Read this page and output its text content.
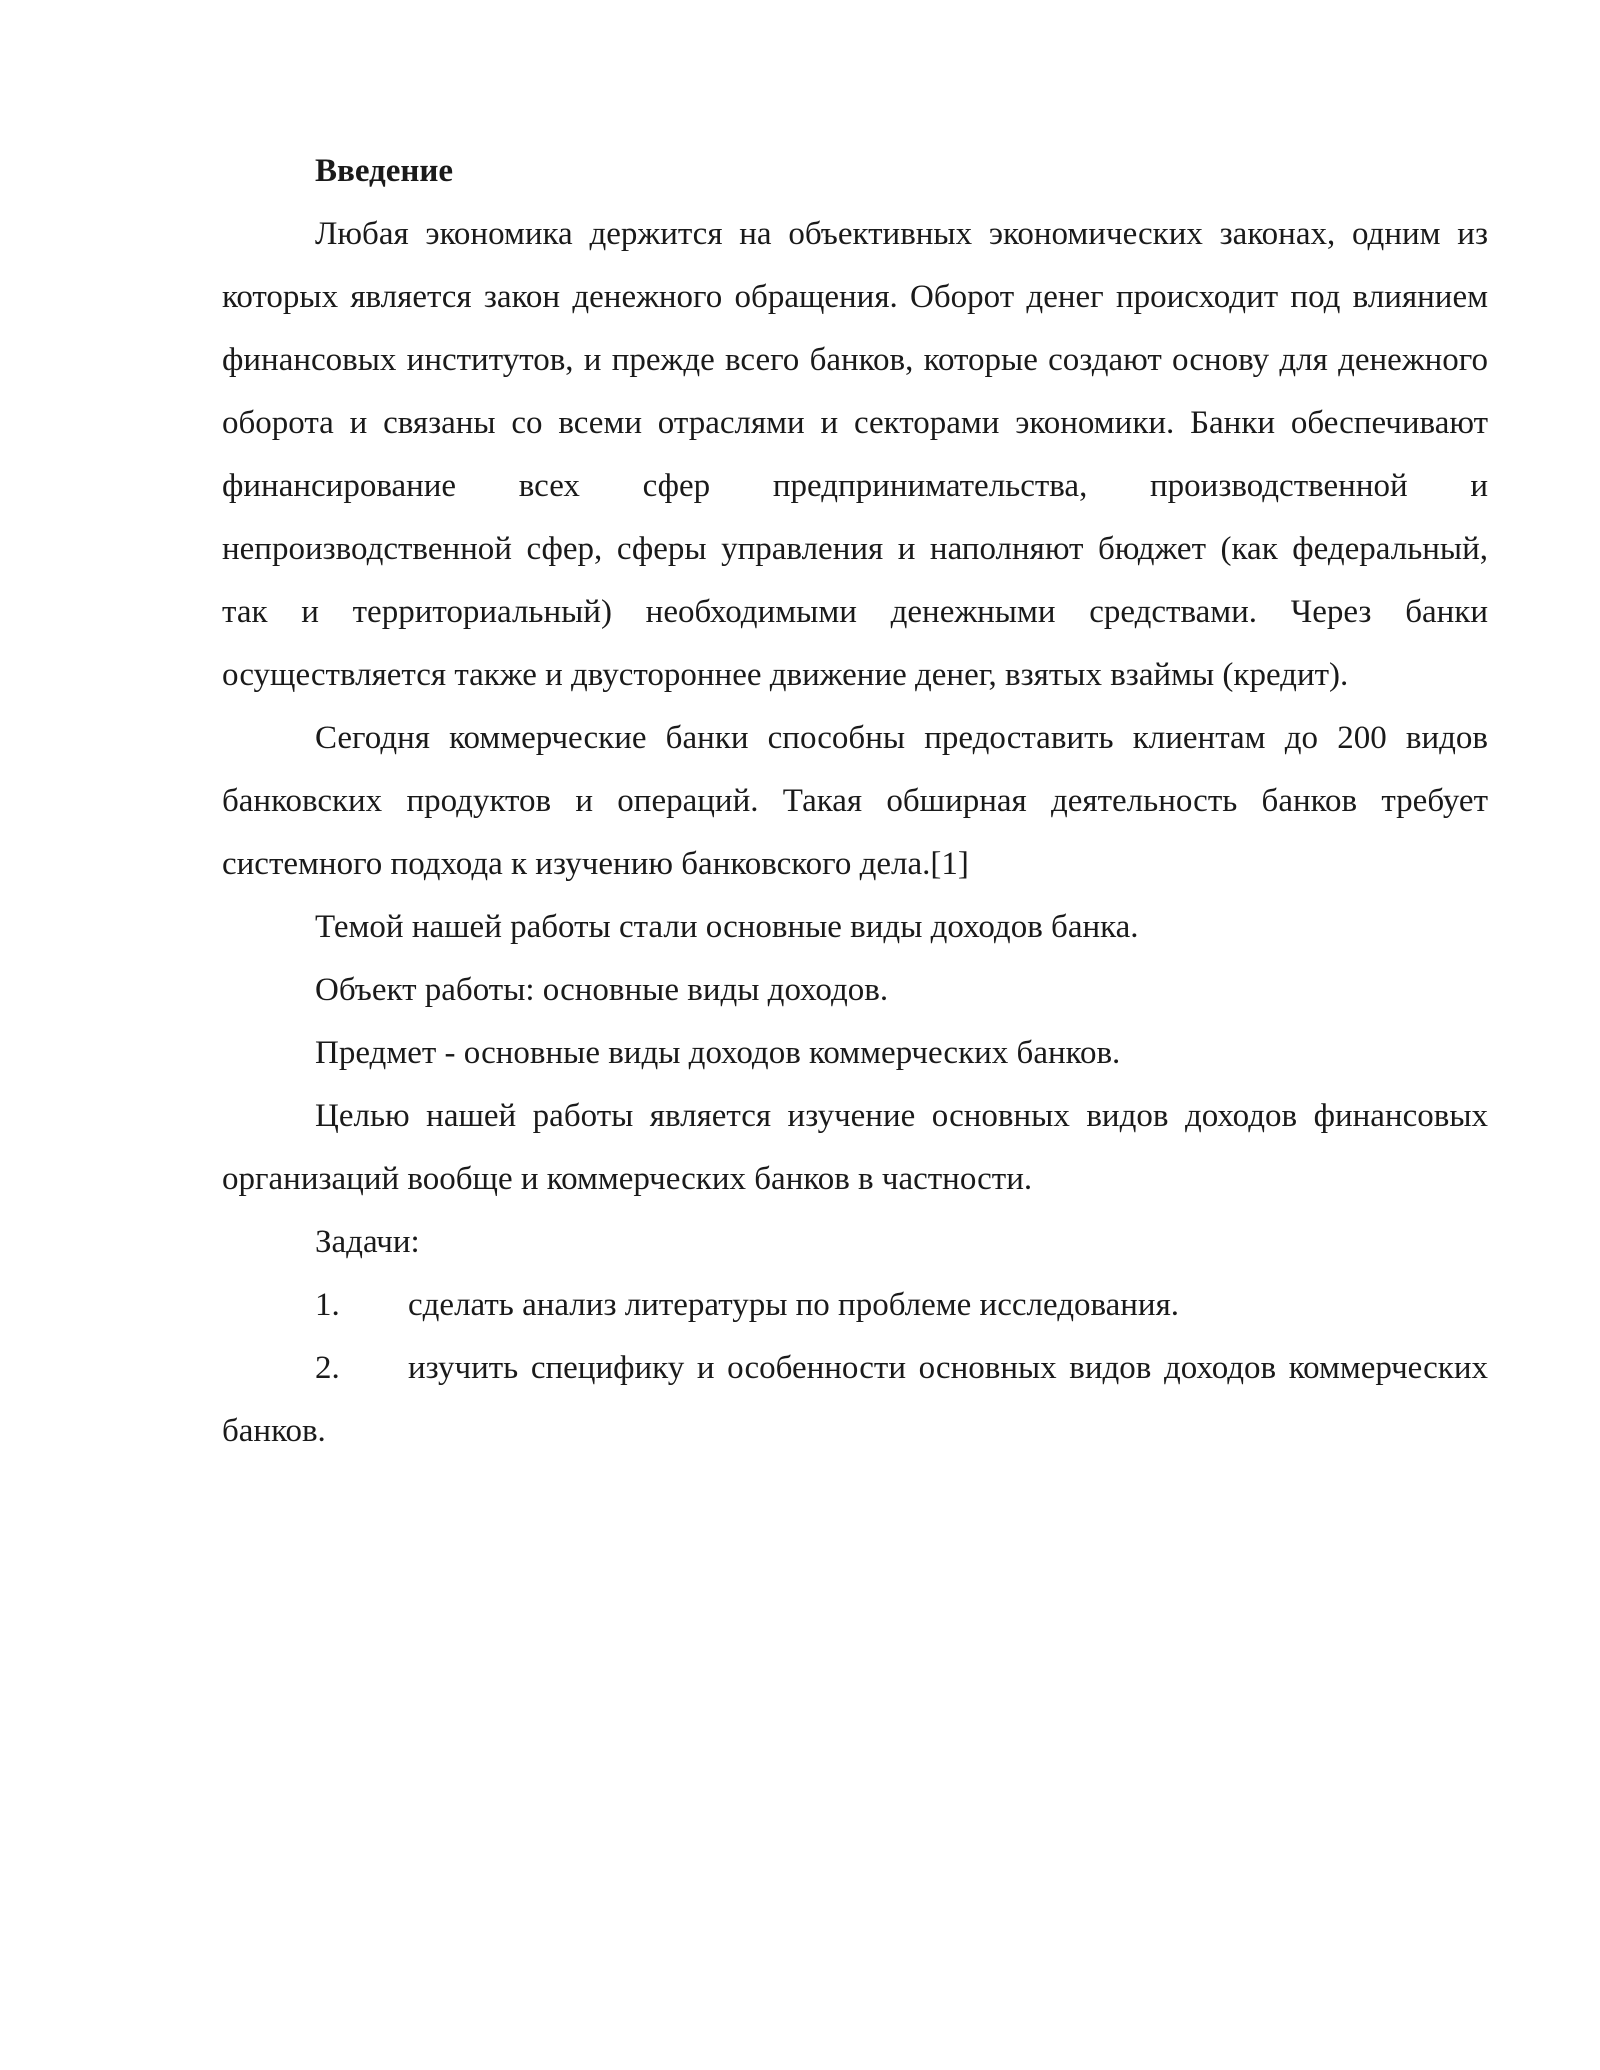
Введение

Любая экономика держится на объективных экономических законах, одним из которых является закон денежного обращения. Оборот денег происходит под влиянием финансовых институтов, и прежде всего банков, которые создают основу для денежного оборота и связаны со всеми отраслями и секторами экономики. Банки обеспечивают финансирование всех сфер предпринимательства, производственной и непроизводственной сфер, сферы управления и наполняют бюджет (как федеральный, так и территориальный) необходимыми денежными средствами. Через банки осуществляется также и двустороннее движение денег, взятых взаймы (кредит).

Сегодня коммерческие банки способны предоставить клиентам до 200 видов банковских продуктов и операций. Такая обширная деятельность банков требует системного подхода к изучению банковского дела.[1]

Темой нашей работы стали основные виды доходов банка.

Объект работы: основные виды доходов.

Предмет - основные виды доходов коммерческих банков.

Целью нашей работы является изучение основных видов доходов финансовых организаций вообще и коммерческих банков в частности.

Задачи:

1. сделать анализ литературы по проблеме исследования.

2. изучить специфику и особенности основных видов доходов коммерческих банков.
